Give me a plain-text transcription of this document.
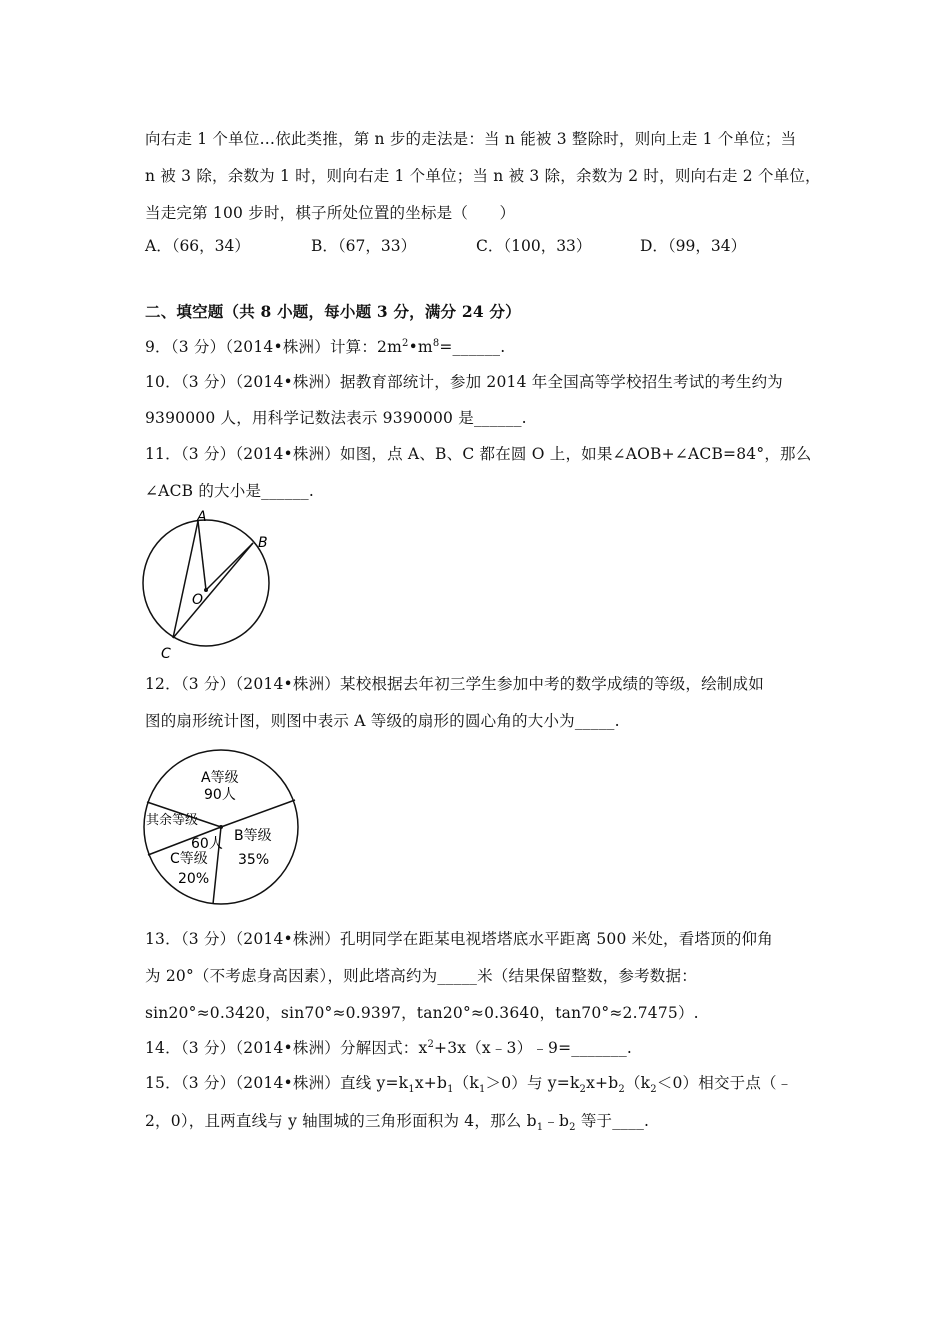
向右走 1 个单位…依此类推，第 n 步的走法是：当 n 能被 3 整除时，则向上走 1 个单位；当
n 被 3 除，余数为 1 时，则向右走 1 个单位；当 n 被 3 除，余数为 2 时，则向右走 2 个单位，
当走完第 100 步时，棋子所处位置的坐标是（　　）
A．（66，34）	B．（67，33）	C．（100，33）	D．（99，34）
二、填空题（共 8 小题，每小题 3 分，满分 24 分）
9．（3 分）（2014•株洲）计算：$2m^2•m^8=\_\_\_\_\_\_$.
10．（3 分）（2014•株洲）据教育部统计，参加 2014 年全国高等学校招生考试的考生约为
9390000 人，用科学记数法表示 9390000 是______.
11．（3 分）（2014•株洲）如图，点 A、B、C 都在圆 O 上，如果∠AOB+∠ACB=84°，那么
∠ACB 的大小是______.
A
B
C
O
12．（3 分）（2014•株洲）某校根据去年初三学生参加中考的数学成绩的等级，绘制成如
图的扇形统计图，则图中表示 A 等级的扇形的圆心角的大小为_____.
A等级
90人
其余等级
60人 B等级
35%
C等级
20%
13．（3 分）（2014•株洲）孔明同学在距某电视塔塔底水平距离 500 米处，看塔顶的仰角
为 20°（不考虑身高因素），则此塔高约为_____米（结果保留整数，参考数据：
sin20°≈0.3420，sin70°≈0.9397，tan20°≈0.3640，tan70°≈2.7475）.
14．（3 分）（2014•株洲）分解因式：$x^2+3x(x﹣3)﹣9=\_\_\_\_\_\_\_$.
15．（3 分）（2014•株洲）直线 $y=k_1x+b_1(k_1>0)$与 $y=k_2x+b_2(k_2<0)$相交于点（﹣
2，0），且两直线与 y 轴围城的三角形面积为 4，那么 $b_1﹣b_2$ 等于____.
